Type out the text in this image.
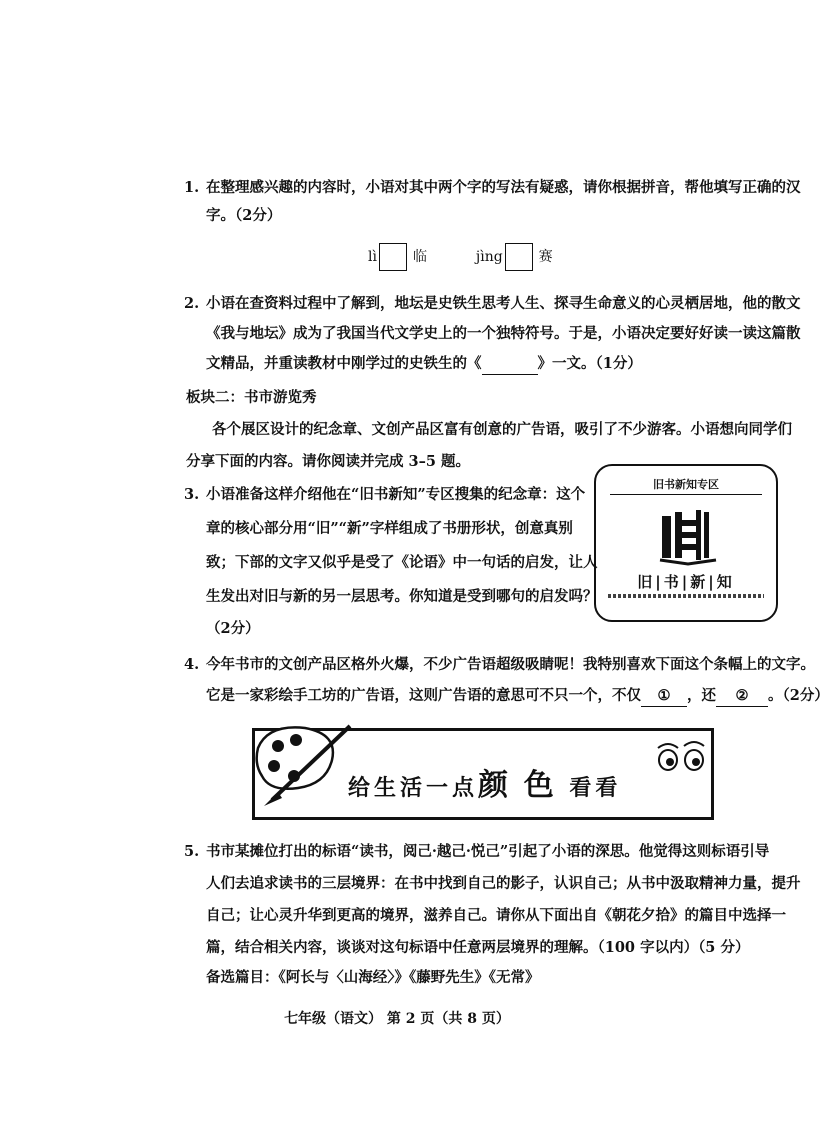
1. 在整理感兴趣的内容时，小语对其中两个字的写法有疑惑，请你根据拼音，帮他填写正确的汉
字。（2分）
lì	临	jìng	赛
2. 小语在查资料过程中了解到，地坛是史铁生思考人生、探寻生命意义的心灵栖居地，他的散文
《我与地坛》成为了我国当代文学史上的一个独特符号。于是，小语决定要好好读一读这篇散
文精品，并重读教材中刚学过的史铁生的《	》一文。（1分）
板块二：书市游览秀
各个展区设计的纪念章、文创产品区富有创意的广告语，吸引了不少游客。小语想向同学们
分享下面的内容。请你阅读并完成 3–5 题。
3. 小语准备这样介绍他在“旧书新知”专区搜集的纪念章：这个
章的核心部分用“旧”“新”字样组成了书册形状，创意真别
致；下部的文字又似乎是受了《论语》中一句话的启发，让人
生发出对旧与新的另一层思考。你知道是受到哪句的启发吗？
（2分）
旧书新知专区
旧|书|新|知
4. 今年书市的文创产品区格外火爆，不少广告语超级吸睛呢！我特别喜欢下面这个条幅上的文字。
它是一家彩绘手工坊的广告语，这则广告语的意思可不只一个，不仅 ① ，还 ② 。（2分）
给生活一点颜 色 看看
5. 书市某摊位打出的标语“读书，阅己·越己·悦己”引起了小语的深思。他觉得这则标语引导
人们去追求读书的三层境界：在书中找到自己的影子，认识自己；从书中汲取精神力量，提升
自己；让心灵升华到更高的境界，滋养自己。请你从下面出自《朝花夕拾》的篇目中选择一
篇，结合相关内容，谈谈对这句标语中任意两层境界的理解。（100 字以内）（5 分）
备选篇目：《阿长与〈山海经〉》《藤野先生》《无常》
七年级（语文） 第 2 页（共 8 页）
